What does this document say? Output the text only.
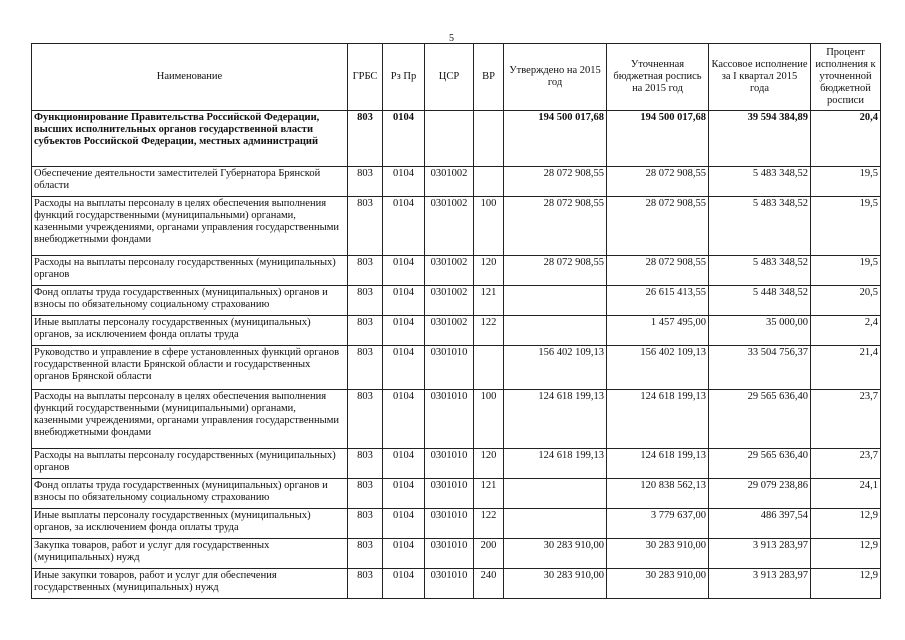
5
Наименование	ГРБС	Рз Пр	ЦСР	ВР	Утверждено на 2015 год	Уточненная бюджетная роспись на 2015 год	Кассовое исполнение за I квартал 2015 года	Процент исполнения к уточненной бюджетной росписи
Функционирование Правительства Российской Федерации, высших исполнительных органов государственной власти субъектов Российской Федерации, местных администраций	803	0104			194 500 017,68	194 500 017,68	39 594 384,89	20,4
Обеспечение деятельности заместителей Губернатора Брянской области	803	0104	0301002		28 072 908,55	28 072 908,55	5 483 348,52	19,5
Расходы на выплаты персоналу в целях обеспечения выполнения функций государственными (муниципальными) органами, казенными учреждениями, органами управления государственными внебюджетными фондами	803	0104	0301002	100	28 072 908,55	28 072 908,55	5 483 348,52	19,5
Расходы на выплаты персоналу государственных (муниципальных) органов	803	0104	0301002	120	28 072 908,55	28 072 908,55	5 483 348,52	19,5
Фонд оплаты труда государственных (муниципальных) органов и взносы по обязательному социальному страхованию	803	0104	0301002	121		26 615 413,55	5 448 348,52	20,5
Иные выплаты персоналу государственных (муниципальных) органов, за исключением фонда оплаты труда	803	0104	0301002	122		1 457 495,00	35 000,00	2,4
Руководство и управление в сфере установленных функций органов государственной власти Брянской области и государственных органов Брянской области	803	0104	0301010		156 402 109,13	156 402 109,13	33 504 756,37	21,4
Расходы на выплаты персоналу в целях обеспечения выполнения функций государственными (муниципальными) органами, казенными учреждениями, органами управления государственными внебюджетными фондами	803	0104	0301010	100	124 618 199,13	124 618 199,13	29 565 636,40	23,7
Расходы на выплаты персоналу государственных (муниципальных) органов	803	0104	0301010	120	124 618 199,13	124 618 199,13	29 565 636,40	23,7
Фонд оплаты труда государственных (муниципальных) органов и взносы по обязательному социальному страхованию	803	0104	0301010	121		120 838 562,13	29 079 238,86	24,1
Иные выплаты персоналу государственных (муниципальных) органов, за исключением фонда оплаты труда	803	0104	0301010	122		3 779 637,00	486 397,54	12,9
Закупка товаров, работ и услуг для государственных (муниципальных) нужд	803	0104	0301010	200	30 283 910,00	30 283 910,00	3 913 283,97	12,9
Иные закупки товаров, работ и услуг для обеспечения государственных (муниципальных) нужд	803	0104	0301010	240	30 283 910,00	30 283 910,00	3 913 283,97	12,9
